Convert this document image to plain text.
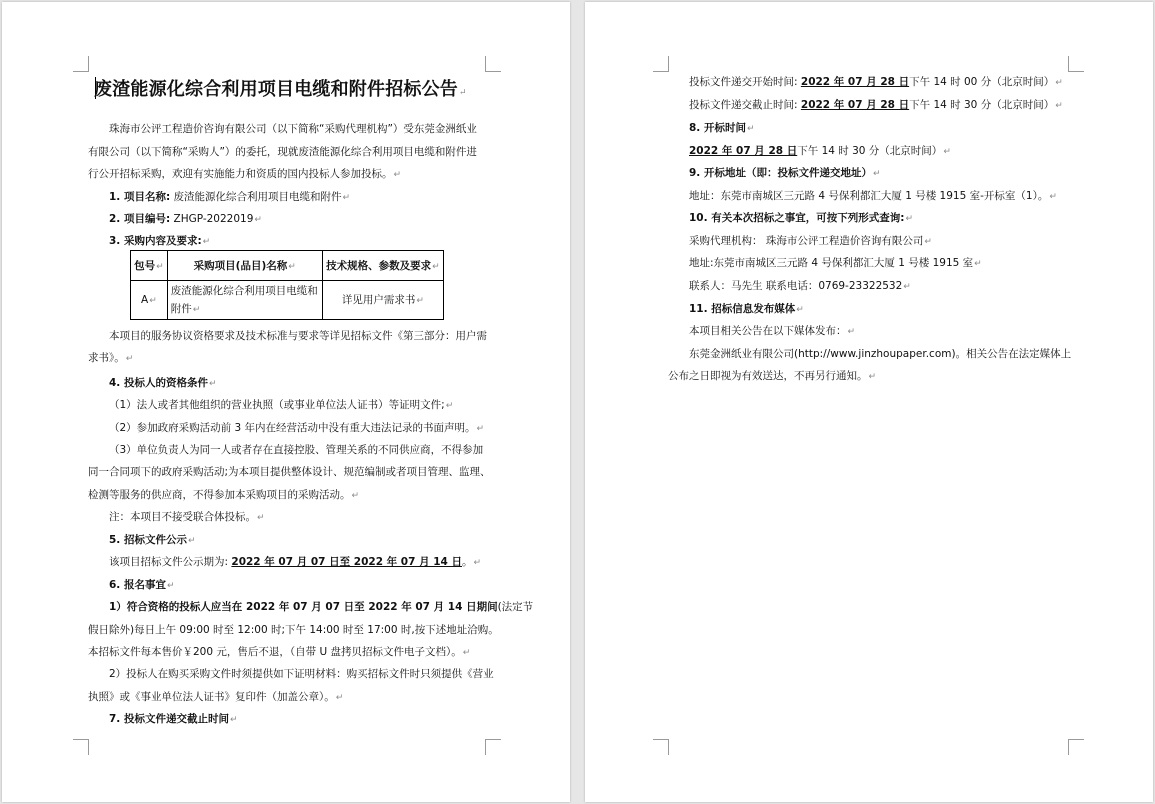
废渣能源化综合利用项目电缆和附件招标公告↵
珠海市公评工程造价咨询有限公司（以下简称“采购代理机构”）受东莞金洲纸业
有限公司（以下简称“采购人”）的委托，现就废渣能源化综合利用项目电缆和附件进
行公开招标采购，欢迎有实施能力和资质的国内投标人参加投标。↵
1. 项目名称: 废渣能源化综合利用项目电缆和附件↵
2. 项目编号: ZHGP-2022019↵
3. 采购内容及要求:↵
包号↵	采购项目(品目)名称↵	技术规格、参数及要求↵
A↵	废渣能源化综合利用项目电缆和
附件↵	详见用户需求书↵
本项目的服务协议资格要求及技术标准与要求等详见招标文件《第三部分：用户需
求书》。↵
4. 投标人的资格条件↵
（1）法人或者其他组织的营业执照（或事业单位法人证书）等证明文件;↵
（2）参加政府采购活动前 3 年内在经营活动中没有重大违法记录的书面声明。↵
（3）单位负责人为同一人或者存在直接控股、管理关系的不同供应商，不得参加
同一合同项下的政府采购活动;为本项目提供整体设计、规范编制或者项目管理、监理、
检测等服务的供应商，不得参加本采购项目的采购活动。↵
注：本项目不接受联合体投标。↵
5. 招标文件公示↵
该项目招标文件公示期为: 2022 年 07 月 07 日至 2022 年 07 月 14 日。↵
6. 报名事宜↵
1）符合资格的投标人应当在 2022 年 07 月 07 日至 2022 年 07 月 14 日期间(法定节
假日除外)每日上午 09:00 时至 12:00 时;下午 14:00 时至 17:00 时,按下述地址洽购。
本招标文件每本售价￥200 元，售后不退，（自带 U 盘拷贝招标文件电子文档）。↵
2）投标人在购买采购文件时须提供如下证明材料：购买招标文件时只须提供《营业
执照》或《事业单位法人证书》复印件（加盖公章）。↵
7. 投标文件递交截止时间↵
投标文件递交开始时间: 2022 年 07 月 28 日下午 14 时 00 分（北京时间）↵
投标文件递交截止时间: 2022 年 07 月 28 日下午 14 时 30 分（北京时间）↵
8. 开标时间↵
2022 年 07 月 28 日下午 14 时 30 分（北京时间）↵
9. 开标地址（即：投标文件递交地址）↵
地址：东莞市南城区三元路 4 号保利都汇大厦 1 号楼 1915 室-开标室（1）。↵
10. 有关本次招标之事宜，可按下列形式查询:↵
采购代理机构： 珠海市公评工程造价咨询有限公司↵
地址:东莞市南城区三元路 4 号保利都汇大厦 1 号楼 1915 室↵
联系人：马先生 联系电话：0769-23322532↵
11. 招标信息发布媒体↵
本项目相关公告在以下媒体发布：↵
东莞金洲纸业有限公司(http://www.jinzhoupaper.com)。相关公告在法定媒体上
公布之日即视为有效送达，不再另行通知。↵
